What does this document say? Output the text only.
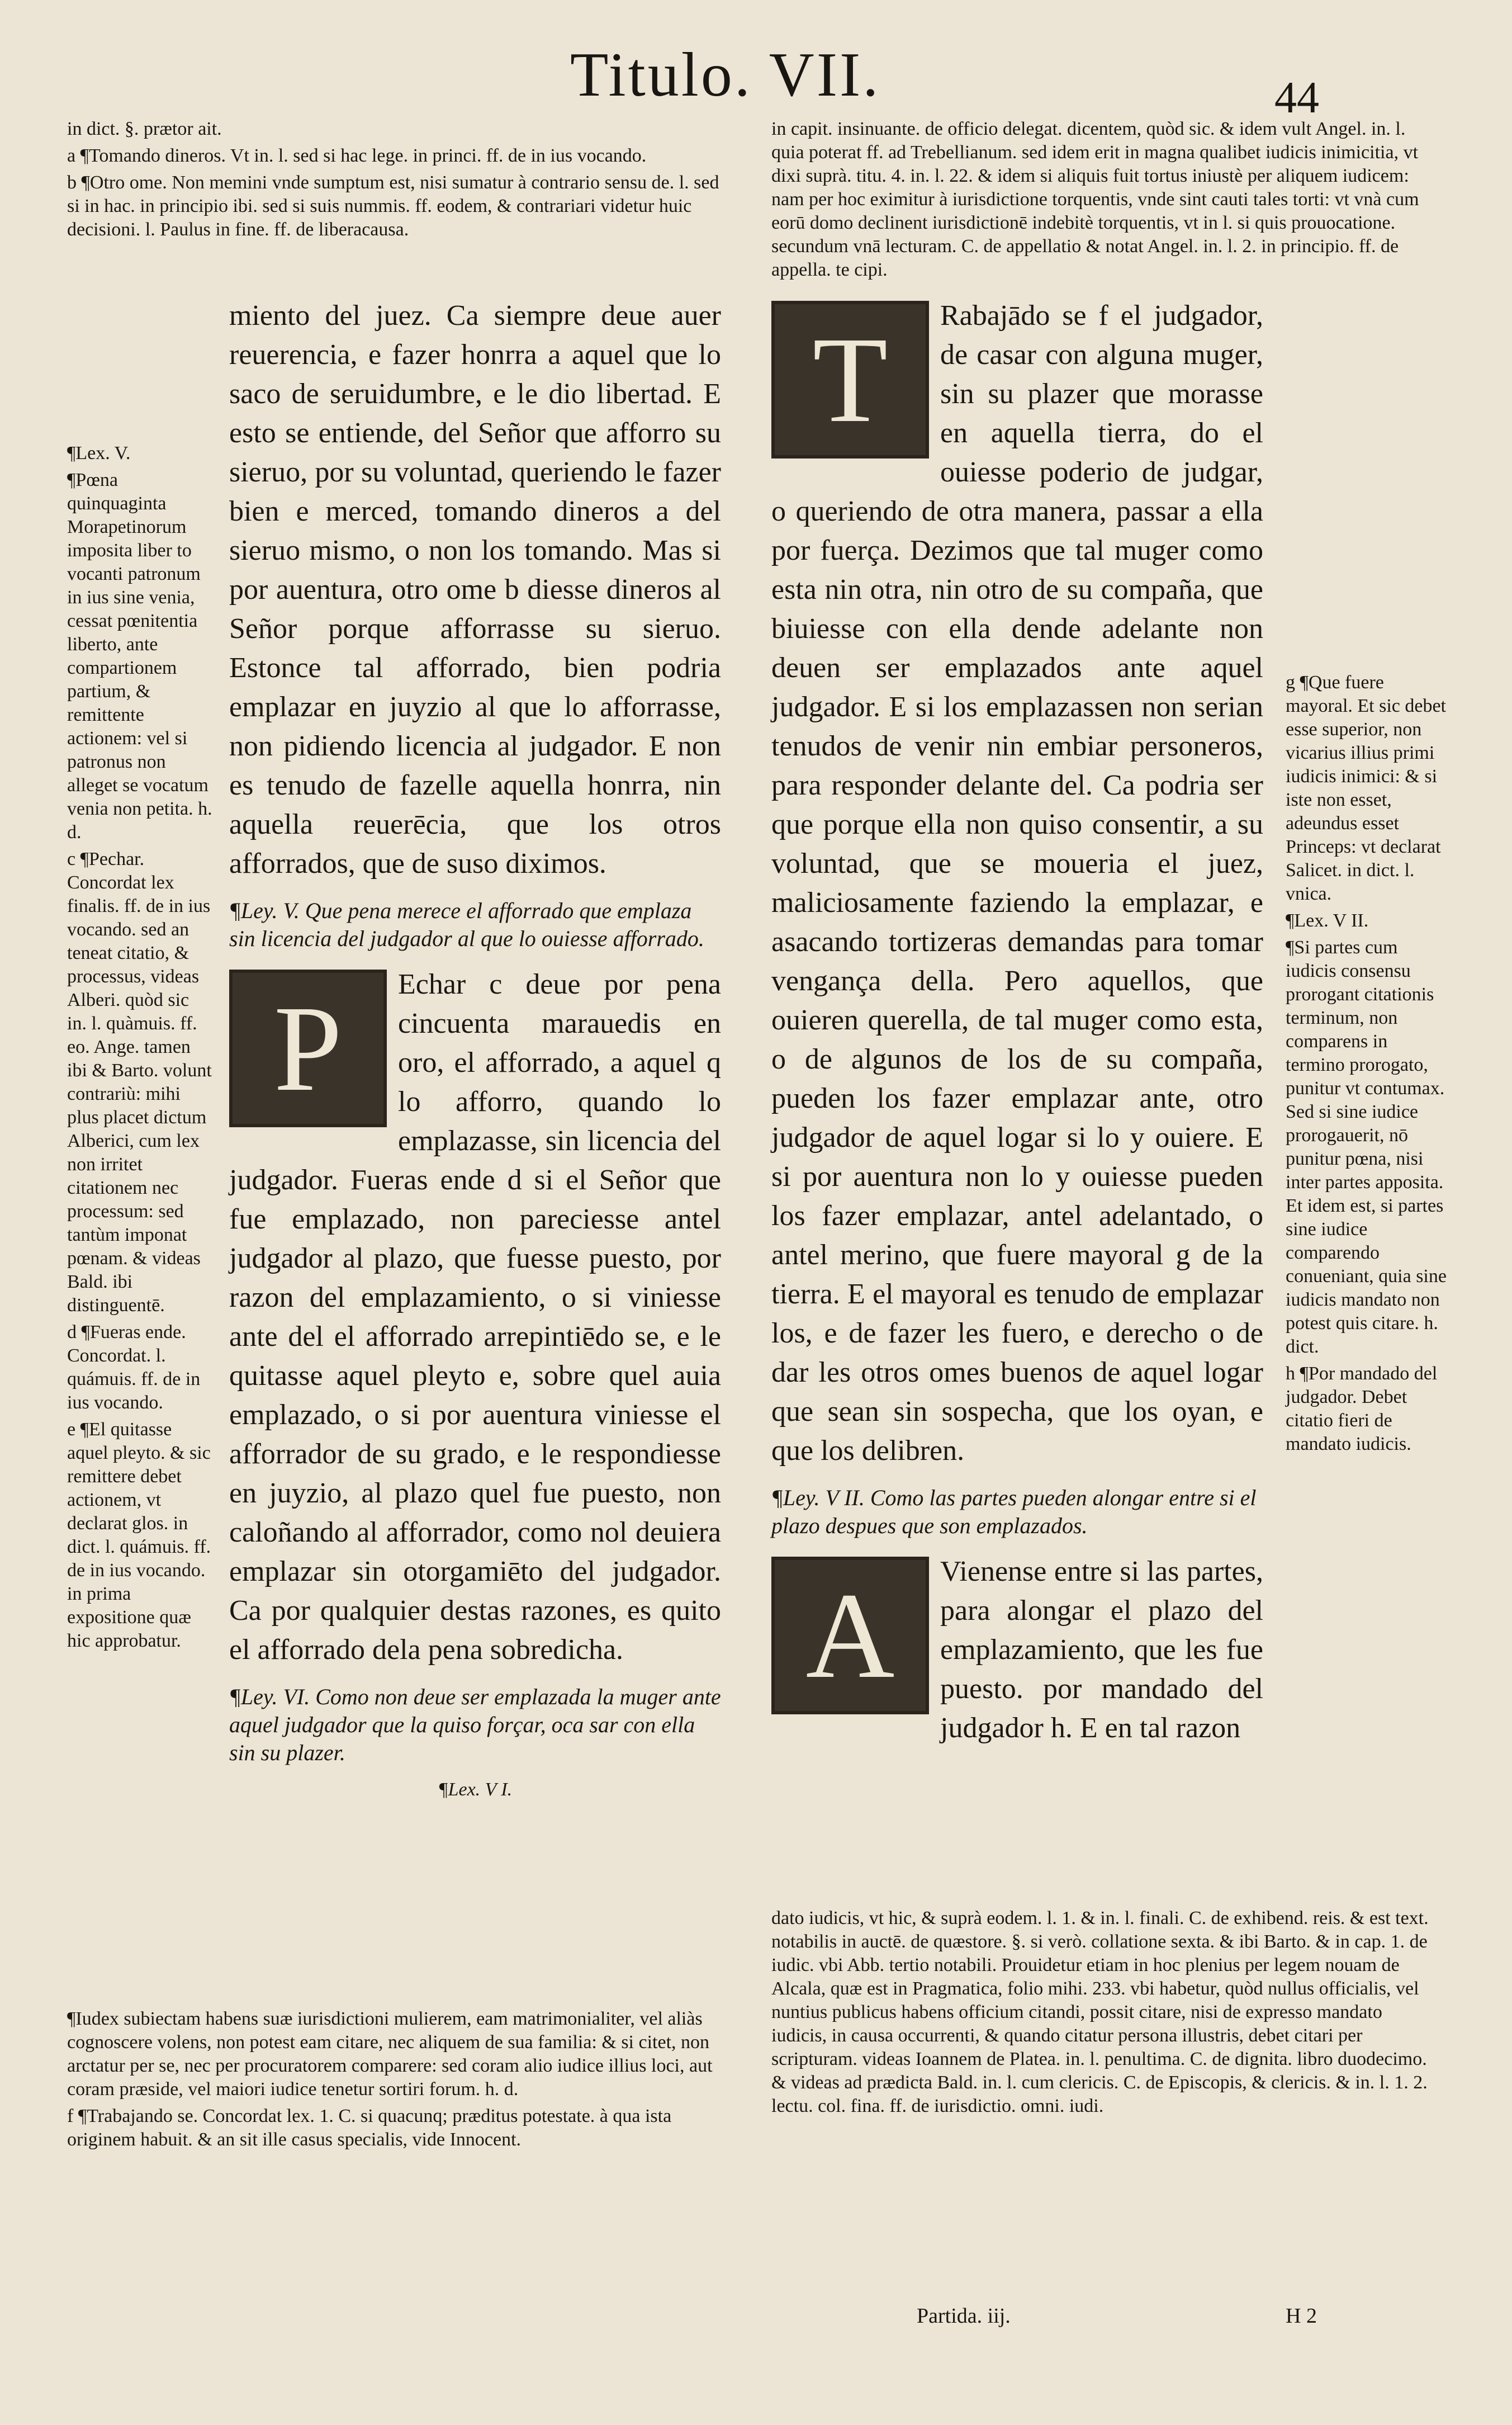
Titulo. VII.	44

in dict. §. prætor ait.

a ¶Tomando dineros. Vt in. l. sed si hac lege. in princi. ff. de in ius vocando.

b ¶Otro ome. Non memini vnde sumptum est, nisi sumatur à contrario sensu de. l. sed si in hac. in principio ibi. sed si suis nummis. ff. eodem, & contrariari videtur huic decisioni. l. Paulus in fine. ff. de liberacausa.

¶Lex. V.

¶Pœna quinquaginta Morapetinorum imposita liber to vocanti patronum in ius sine venia, cessat pœnitentia liberto, ante compartionem partium, & remittente actionem: vel si patronus non alleget se vocatum venia non petita. h. d.

c ¶Pechar. Concordat lex finalis. ff. de in ius vocando. sed an teneat citatio, & processus, videas Alberi. quòd sic in. l. quàmuis. ff. eo. Ange. tamen ibi & Barto. volunt contrariù: mihi plus placet dictum Alberici, cum lex non irritet citationem nec processum: sed tantùm imponat pœnam. & videas Bald. ibi distinguentē.

d ¶Fueras ende. Concordat. l. quámuis. ff. de in ius vocando.

e ¶El quitasse aquel pleyto. & sic remittere debet actionem, vt declarat glos. in dict. l. quámuis. ff. de in ius vocando. in prima expositione quæ hic approbatur.

miento del juez. Ca siempre deue auer reuerencia, e fazer honrra a aquel que lo saco de seruidumbre, e le dio libertad. E esto se entiende, del Señor que afforro su sieruo, por su voluntad, queriendo le fazer bien e merced, tomando dineros a del sieruo mismo, o non los tomando. Mas si por auentura, otro ome b diesse dineros al Señor porque afforrasse su sieruo. Estonce tal afforrado, bien podria emplazar en juyzio al que lo afforrasse, non pidiendo licencia al judgador. E non es tenudo de fazelle aquella honrra, nin aquella reuerēcia, que los otros afforrados, que de suso diximos.

¶Ley. V. Que pena merece el afforrado que emplaza sin licencia del judgador al que lo ouiesse afforrado.

P	Echar c deue por pena cincuenta marauedis en oro, el afforrado, a aquel q lo afforro, quando lo emplazasse, sin licencia del judgador. Fueras ende d si el Señor que fue emplazado, non pareciesse antel judgador al plazo, que fuesse puesto, por razon del emplazamiento, o si viniesse ante del el afforrado arrepintiēdo se, e le quitasse aquel pleyto e, sobre quel auia emplazado, o si por auentura viniesse el afforrador de su grado, e le respondiesse en juyzio, al plazo quel fue puesto, non caloñando al afforrador, como nol deuiera emplazar sin otorgamiēto del judgador. Ca por qualquier destas razones, es quito el afforrado dela pena sobredicha.

¶Ley. VI. Como non deue ser emplazada la muger ante aquel judgador que la quiso forçar, oca sar con ella sin su plazer.

¶Lex. V I.

¶Iudex subiectam habens suæ iurisdictioni mulierem, eam matrimonialiter, vel aliàs cognoscere volens, non potest eam citare, nec aliquem de sua familia: & si citet, non arctatur per se, nec per procuratorem comparere: sed coram alio iudice illius loci, aut coram præside, vel maiori iudice tenetur sortiri forum. h. d.

f ¶Trabajando se. Concordat lex. 1. C. si quacunq; præditus potestate. à qua ista originem habuit. & an sit ille casus specialis, vide Innocent.

in capit. insinuante. de officio delegat. dicentem, quòd sic. & idem vult Angel. in. l. quia poterat ff. ad Trebellianum. sed idem erit in magna qualibet iudicis inimicitia, vt dixi suprà. titu. 4. in. l. 22. & idem si aliquis fuit tortus iniustè per aliquem iudicem: nam per hoc eximitur à iurisdictione torquentis, vnde sint cauti tales torti: vt vnà cum eorū domo declinent iurisdictionē indebitè torquentis, vt in l. si quis prouocatione. secundum vnā lecturam. C. de appellatio & notat Angel. in. l. 2. in principio. ff. de appella. te cipi.

T	Rabajādo se f el judgador, de casar con alguna muger, sin su plazer que morasse en aquella tierra, do el ouiesse poderio de judgar, o queriendo de otra manera, passar a ella por fuerça. Dezimos que tal muger como esta nin otra, nin otro de su compaña, que biuiesse con ella dende adelante non deuen ser emplazados ante aquel judgador. E si los emplazassen non serian tenudos de venir nin embiar personeros, para responder delante del. Ca podria ser que porque ella non quiso consentir, a su voluntad, que se moueria el juez, maliciosamente faziendo la emplazar, e asacando tortizeras demandas para tomar vengança della. Pero aquellos, que ouieren querella, de tal muger como esta, o de algunos de los de su compaña, pueden los fazer emplazar ante, otro judgador de aquel logar si lo y ouiere. E si por auentura non lo y ouiesse pueden los fazer emplazar, antel adelantado, o antel merino, que fuere mayoral g de la tierra. E el mayoral es tenudo de emplazar los, e de fazer les fuero, e derecho o de dar les otros omes buenos de aquel logar que sean sin sospecha, que los oyan, e que los delibren.

¶Ley. V II. Como las partes pueden alongar entre si el plazo despues que son emplazados.

A	Vienense entre si las partes, para alongar el plazo del emplazamiento, que les fue puesto. por mandado del judgador h. E en tal razon

g ¶Que fuere mayoral. Et sic debet esse superior, non vicarius illius primi iudicis inimici: & si iste non esset, adeundus esset Princeps: vt declarat Salicet. in dict. l. vnica.

¶Lex. V II.

¶Si partes cum iudicis consensu prorogant citationis terminum, non comparens in termino prorogato, punitur vt contumax. Sed si sine iudice prorogauerit, nō punitur pœna, nisi inter partes apposita. Et idem est, si partes sine iudice comparendo conueniant, quia sine iudicis mandato non potest quis citare. h. dict.

h ¶Por mandado del judgador. Debet citatio fieri de mandato iudicis.

dato iudicis, vt hic, & suprà eodem. l. 1. & in. l. finali. C. de exhibend. reis. & est text. notabilis in auctē. de quæstore. §. si verò. collatione sexta. & ibi Barto. & in cap. 1. de iudic. vbi Abb. tertio notabili. Prouidetur etiam in hoc plenius per legem nouam de Alcala, quæ est in Pragmatica, folio mihi. 233. vbi habetur, quòd nullus officialis, vel nuntius publicus habens officium citandi, possit citare, nisi de expresso mandato iudicis, in causa occurrenti, & quando citatur persona illustris, debet citari per scripturam. videas Ioannem de Platea. in. l. penultima. C. de dignita. libro duodecimo. & videas ad prædicta Bald. in. l. cum clericis. C. de Episcopis, & clericis. & in. l. 1. 2. lectu. col. fina. ff. de iurisdictio. omni. iudi.

Partida. iij.	H 2
